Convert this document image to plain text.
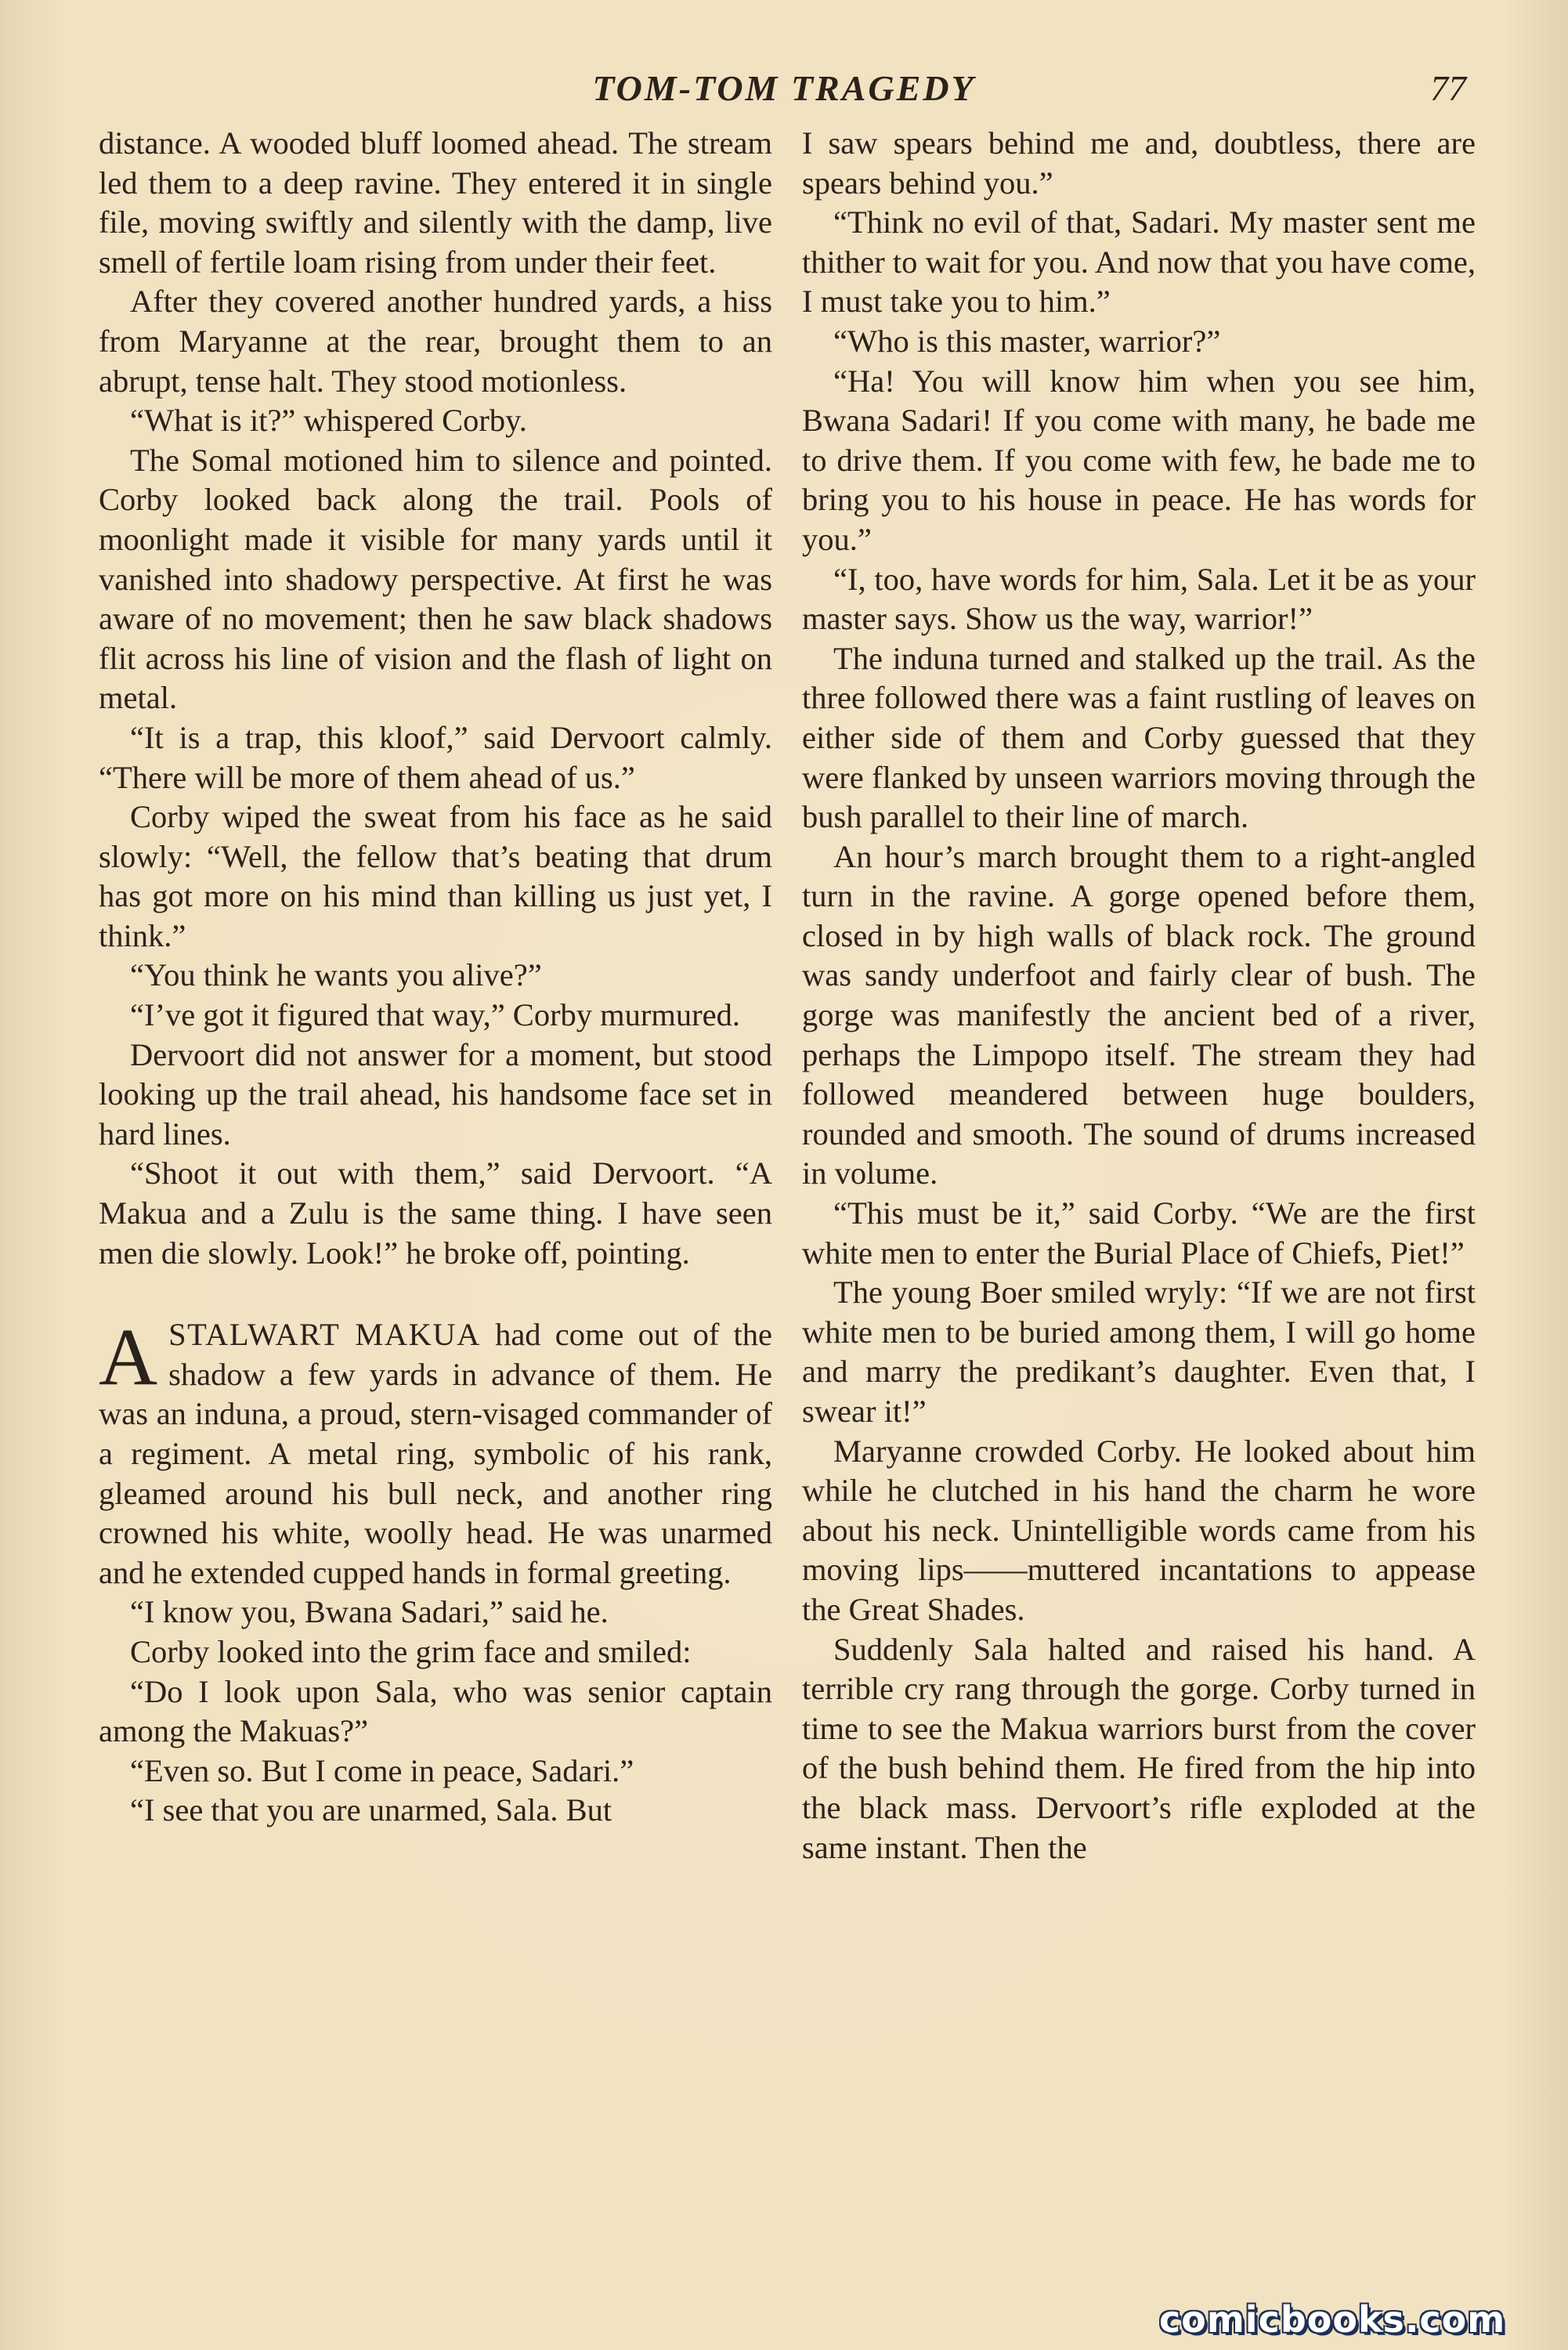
TOM-TOM TRAGEDY	77

distance. A wooded bluff loomed ahead. The stream led them to a deep ravine. They entered it in single file, moving swiftly and silently with the damp, live smell of fertile loam rising from under their feet.

After they covered another hundred yards, a hiss from Maryanne at the rear, brought them to an abrupt, tense halt. They stood motionless.

“What is it?” whispered Corby.

The Somal motioned him to silence and pointed. Corby looked back along the trail. Pools of moonlight made it visible for many yards until it vanished into shadowy perspective. At first he was aware of no movement; then he saw black shadows flit across his line of vision and the flash of light on metal.

“It is a trap, this kloof,” said Dervoort calmly. “There will be more of them ahead of us.”

Corby wiped the sweat from his face as he said slowly: “Well, the fellow that’s beating that drum has got more on his mind than killing us just yet, I think.”

“You think he wants you alive?”

“I’ve got it figured that way,” Corby murmured.

Dervoort did not answer for a moment, but stood looking up the trail ahead, his handsome face set in hard lines.

“Shoot it out with them,” said Dervoort. “A Makua and a Zulu is the same thing. I have seen men die slowly. Look!” he broke off, pointing.

ASTALWART MAKUA had come out of the shadow a few yards in advance of them. He was an induna, a proud, stern-visaged commander of a regiment. A metal ring, symbolic of his rank, gleamed around his bull neck, and another ring crowned his white, woolly head. He was unarmed and he extended cupped hands in formal greeting.

“I know you, Bwana Sadari,” said he.

Corby looked into the grim face and smiled:

“Do I look upon Sala, who was senior captain among the Makuas?”

“Even so. But I come in peace, Sadari.”

“I see that you are unarmed, Sala. But

I saw spears behind me and, doubtless, there are spears behind you.”

“Think no evil of that, Sadari. My master sent me thither to wait for you. And now that you have come, I must take you to him.”

“Who is this master, warrior?”

“Ha! You will know him when you see him, Bwana Sadari! If you come with many, he bade me to drive them. If you come with few, he bade me to bring you to his house in peace. He has words for you.”

“I, too, have words for him, Sala. Let it be as your master says. Show us the way, warrior!”

The induna turned and stalked up the trail. As the three followed there was a faint rustling of leaves on either side of them and Corby guessed that they were flanked by unseen warriors moving through the bush parallel to their line of march.

An hour’s march brought them to a right-angled turn in the ravine. A gorge opened before them, closed in by high walls of black rock. The ground was sandy underfoot and fairly clear of bush. The gorge was manifestly the ancient bed of a river, perhaps the Limpopo itself. The stream they had followed meandered between huge boulders, rounded and smooth. The sound of drums increased in volume.

“This must be it,” said Corby. “We are the first white men to enter the Burial Place of Chiefs, Piet!”

The young Boer smiled wryly: “If we are not first white men to be buried among them, I will go home and marry the predikant’s daughter. Even that, I swear it!”

Maryanne crowded Corby. He looked about him while he clutched in his hand the charm he wore about his neck. Unintelligible words came from his moving lips——muttered incantations to appease the Great Shades.

Suddenly Sala halted and raised his hand. A terrible cry rang through the gorge. Corby turned in time to see the Makua warriors burst from the cover of the bush behind them. He fired from the hip into the black mass. Dervoort’s rifle exploded at the same instant. Then the

comicbooks.com
